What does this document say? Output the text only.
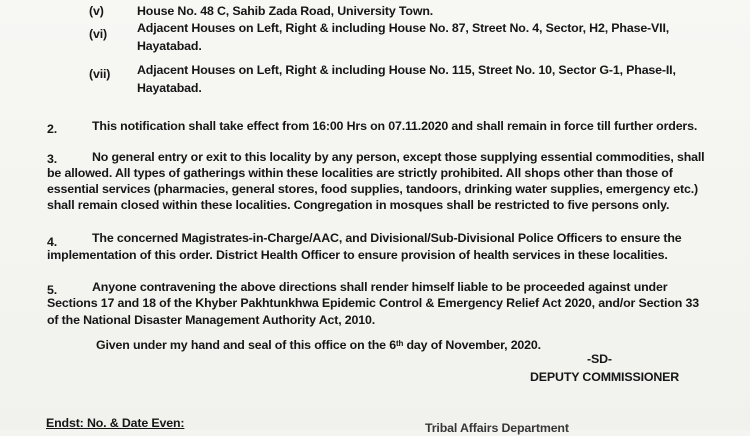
(v)	House No. 48 C, Sahib Zada Road, University Town.
(vi) Adjacent Houses on Left, Right & including House No. 87, Street No. 4, Sector, H2, Phase-VII,
Hayatabad.
(vii) Adjacent Houses on Left, Right & including House No. 115, Street No. 10, Sector G-1, Phase-II,
Hayatabad.
2.	This notification shall take effect from 16:00 Hrs on 07.11.2020 and shall remain in force till further orders.
3.	No general entry or exit to this locality by any person, except those supplying essential commodities, shall
be allowed. All types of gatherings within these localities are strictly prohibited. All shops other than those of
essential services (pharmacies, general stores, food supplies, tandoors, drinking water supplies, emergency etc.)
shall remain closed within these localities. Congregation in mosques shall be restricted to five persons only.
4.	The concerned Magistrates-in-Charge/AAC, and Divisional/Sub-Divisional Police Officers to ensure the
implementation of this order. District Health Officer to ensure provision of health services in these localities.
5.	Anyone contravening the above directions shall render himself liable to be proceeded against under
Sections 17 and 18 of the Khyber Pakhtunkhwa Epidemic Control & Emergency Relief Act 2020, and/or Section 33
of the National Disaster Management Authority Act, 2010.
Given under my hand and seal of this office on the 6th day of November, 2020.
-SD-
DEPUTY COMMISSIONER
Endst: No. & Date Even:	Tribal Affairs Department
